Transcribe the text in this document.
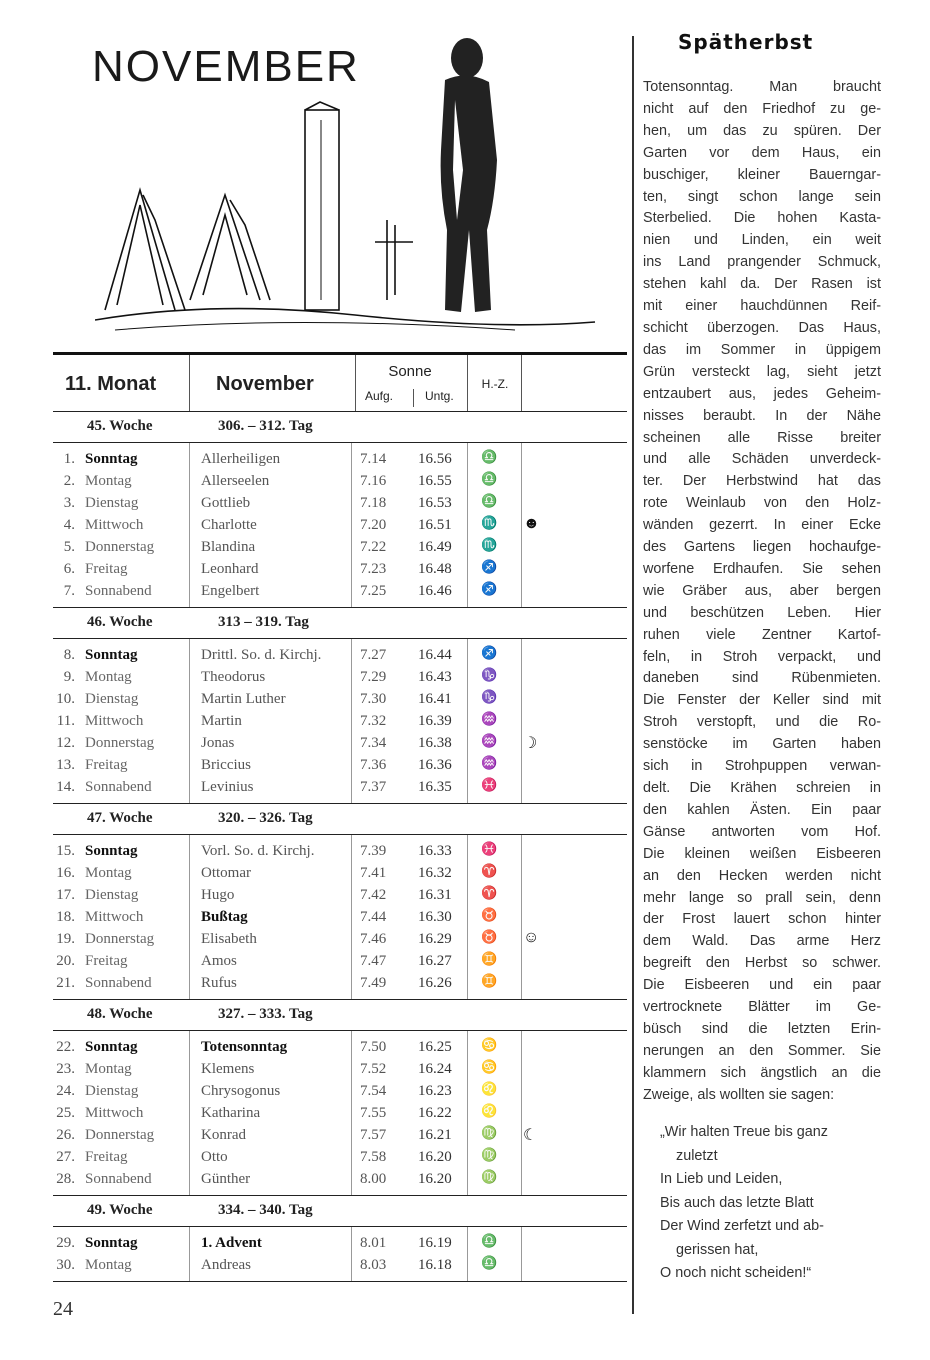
NOVEMBER
11. Monat	November
Sonne
Aufg.	Untg.
H.-Z.
45. Woche	306. – 312. Tag
1. Sonntag	Allerheiligen	7.14 16.56 ♎
2. Montag	Allerseelen	7.16 16.55 ♎
3. Dienstag	Gottlieb	7.18 16.53 ♎
4. Mittwoch	Charlotte	7.20 16.51 ♏ ☻
5. Donnerstag	Blandina	7.22 16.49 ♏
6. Freitag	Leonhard	7.23 16.48 ♐
7. Sonnabend	Engelbert	7.25 16.46 ♐
46. Woche	313 – 319. Tag
8. Sonntag	Drittl. So. d. Kirchj.	7.27 16.44 ♐
9. Montag	Theodorus	7.29 16.43 ♑
10. Dienstag	Martin Luther	7.30 16.41 ♑
11. Mittwoch	Martin	7.32 16.39 ♒
12. Donnerstag	Jonas	7.34 16.38 ♒ ☽
13. Freitag	Briccius	7.36 16.36 ♒
14. Sonnabend	Levinius	7.37 16.35 ♓
47. Woche	320. – 326. Tag
15. Sonntag	Vorl. So. d. Kirchj.	7.39 16.33 ♓
16. Montag	Ottomar	7.41 16.32 ♈
17. Dienstag	Hugo	7.42 16.31 ♈
18. Mittwoch	Bußtag	7.44 16.30 ♉
19. Donnerstag	Elisabeth	7.46 16.29 ♉ ☺
20. Freitag	Amos	7.47 16.27 ♊
21. Sonnabend	Rufus	7.49 16.26 ♊
48. Woche	327. – 333. Tag
22. Sonntag	Totensonntag	7.50 16.25 ♋
23. Montag	Klemens	7.52 16.24 ♋
24. Dienstag	Chrysogonus	7.54 16.23 ♌
25. Mittwoch	Katharina	7.55 16.22 ♌
26. Donnerstag	Konrad	7.57 16.21 ♍ ☾
27. Freitag	Otto	7.58 16.20 ♍
28. Sonnabend	Günther	8.00 16.20 ♍
49. Woche	334. – 340. Tag
29. Sonntag	1. Advent	8.01 16.19 ♎
30. Montag	Andreas	8.03 16.18 ♎
24
Spätherbst
Totensonntag. Man braucht
nicht auf den Friedhof zu ge-
hen, um das zu spüren. Der
Garten vor dem Haus, ein
buschiger, kleiner Bauerngar-
ten, singt schon lange sein
Sterbelied. Die hohen Kasta-
nien und Linden, ein weit
ins Land prangender Schmuck,
stehen kahl da. Der Rasen ist
mit einer hauchdünnen Reif-
schicht überzogen. Das Haus,
das im Sommer in üppigem
Grün versteckt lag, sieht jetzt
entzaubert aus, jedes Geheim-
nisses beraubt. In der Nähe
scheinen alle Risse breiter
und alle Schäden unverdeck-
ter. Der Herbstwind hat das
rote Weinlaub von den Holz-
wänden gezerrt. In einer Ecke
des Gartens liegen hochaufge-
worfene Erdhaufen. Sie sehen
wie Gräber aus, aber bergen
und beschützen Leben. Hier
ruhen viele Zentner Kartof-
feln, in Stroh verpackt, und
daneben sind Rübenmieten.
Die Fenster der Keller sind mit
Stroh verstopft, und die Ro-
senstöcke im Garten haben
sich in Strohpuppen verwan-
delt. Die Krähen schreien in
den kahlen Ästen. Ein paar
Gänse antworten vom Hof.
Die kleinen weißen Eisbeeren
an den Hecken werden nicht
mehr lange so prall sein, denn
der Frost lauert schon hinter
dem Wald. Das arme Herz
begreift den Herbst so schwer.
Die Eisbeeren und ein paar
vertrocknete Blätter im Ge-
büsch sind die letzten Erin-
nerungen an den Sommer. Sie
klammern sich ängstlich an die
Zweige, als wollten sie sagen:
„Wir halten Treue bis ganz
zuletzt
In Lieb und Leiden,
Bis auch das letzte Blatt
Der Wind zerfetzt und ab-
gerissen hat,
O noch nicht scheiden!“
